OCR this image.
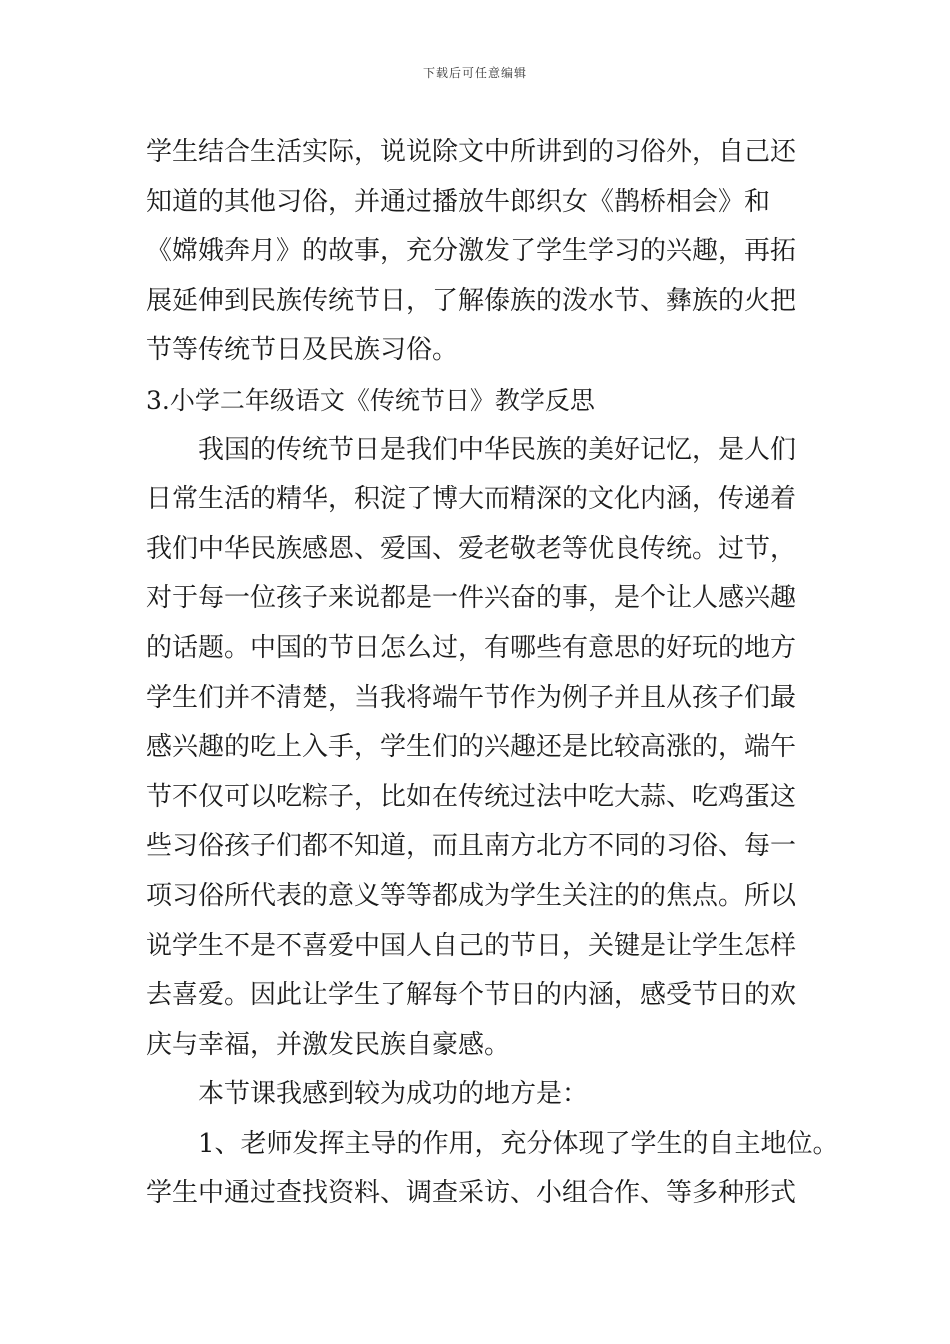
下载后可任意编辑
学生结合生活实际，说说除文中所讲到的习俗外，自己还
知道的其他习俗，并通过播放牛郎织女《鹊桥相会》和
《嫦娥奔月》的故事，充分激发了学生学习的兴趣，再拓
展延伸到民族传统节日，了解傣族的泼水节、彝族的火把
节等传统节日及民族习俗。
3.小学二年级语文《传统节日》教学反思
我国的传统节日是我们中华民族的美好记忆，是人们
日常生活的精华，积淀了博大而精深的文化内涵，传递着
我们中华民族感恩、爱国、爱老敬老等优良传统。过节，
对于每一位孩子来说都是一件兴奋的事，是个让人感兴趣
的话题。中国的节日怎么过，有哪些有意思的好玩的地方
学生们并不清楚，当我将端午节作为例子并且从孩子们最
感兴趣的吃上入手，学生们的兴趣还是比较高涨的，端午
节不仅可以吃粽子，比如在传统过法中吃大蒜、吃鸡蛋这
些习俗孩子们都不知道，而且南方北方不同的习俗、每一
项习俗所代表的意义等等都成为学生关注的的焦点。所以
说学生不是不喜爱中国人自己的节日，关键是让学生怎样
去喜爱。因此让学生了解每个节日的内涵，感受节日的欢
庆与幸福，并激发民族自豪感。
本节课我感到较为成功的地方是：
1、老师发挥主导的作用，充分体现了学生的自主地位。
学生中通过查找资料、调查采访、小组合作、等多种形式
